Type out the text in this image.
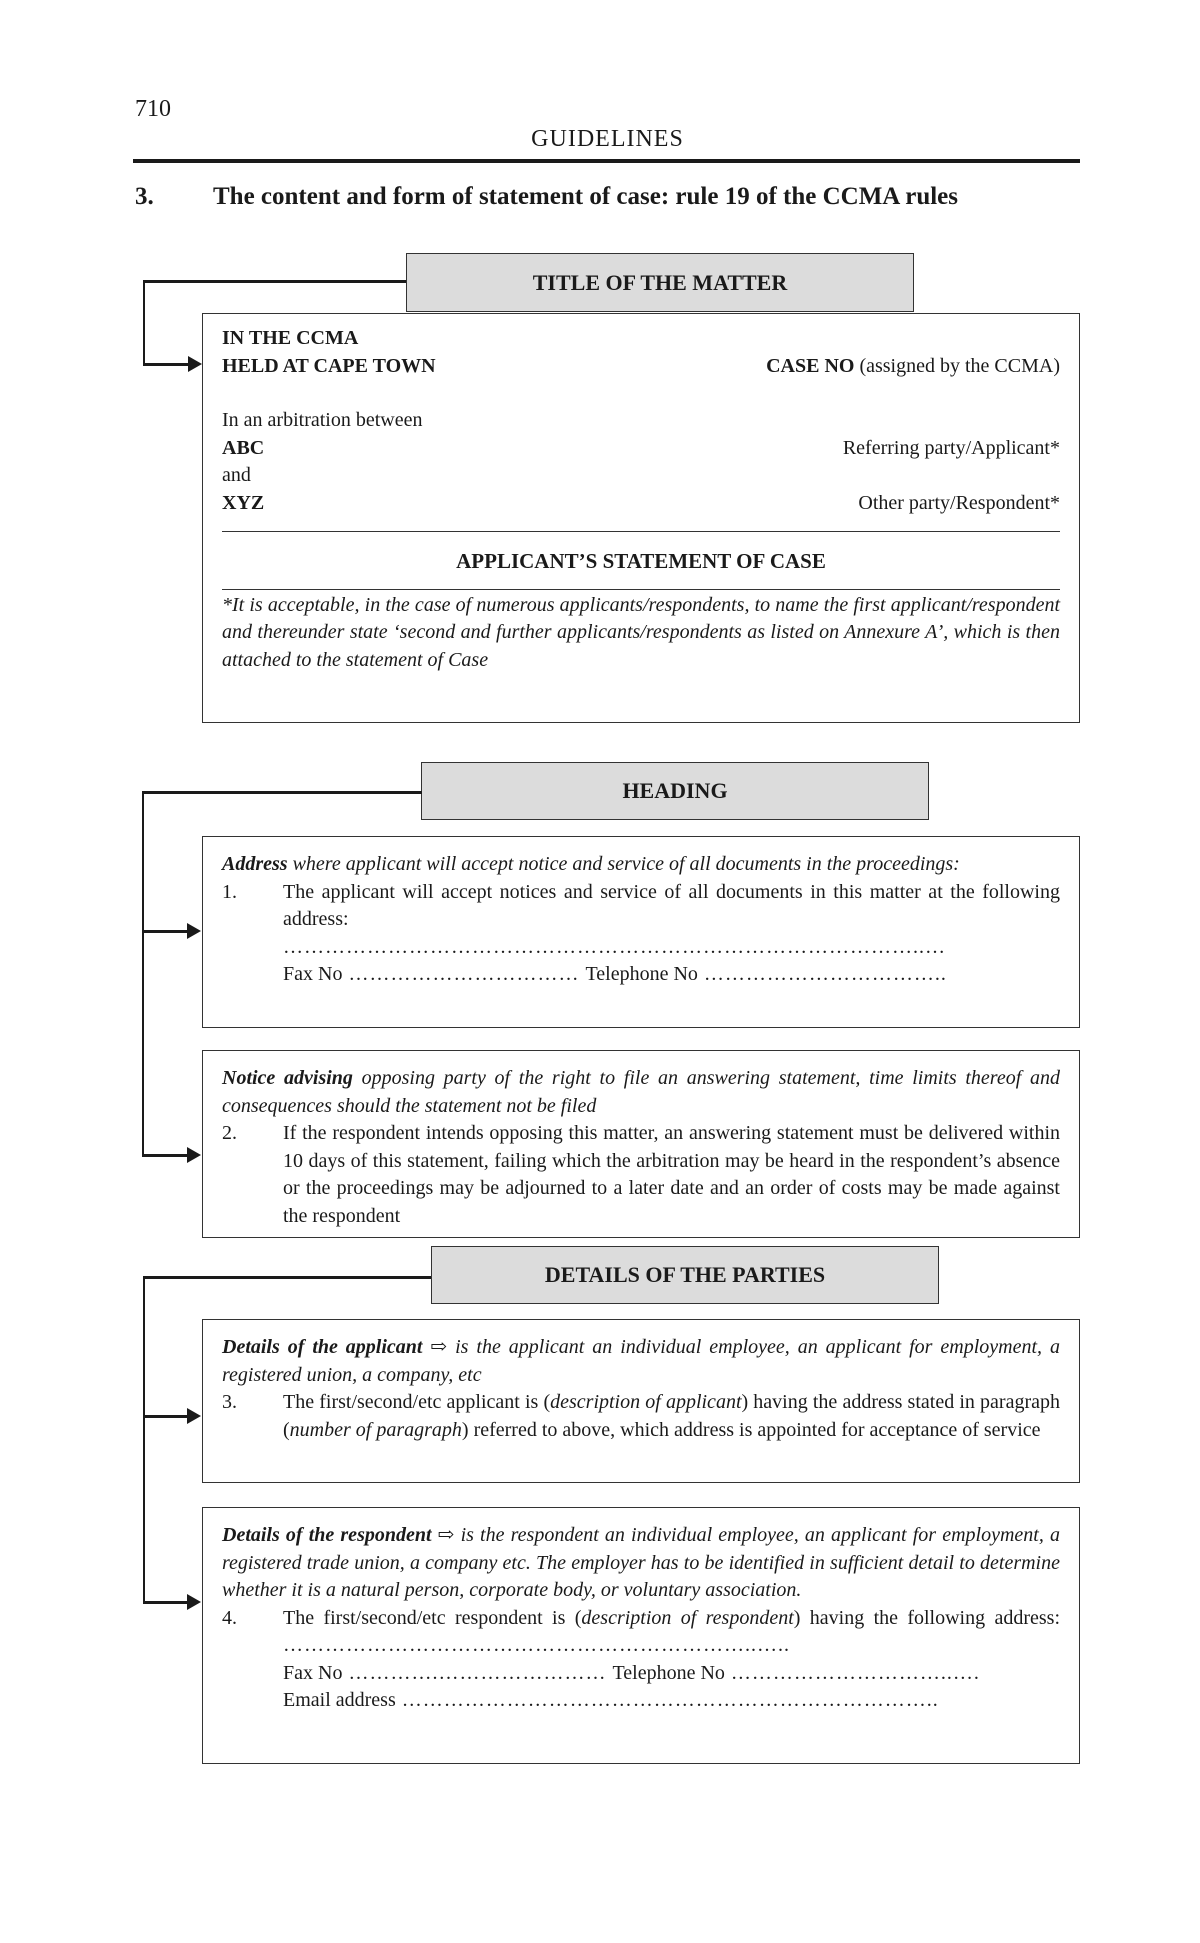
710
GUIDELINES
3. The content and form of statement of case: rule 19 of the CCMA rules
TITLE OF THE MATTER
IN THE CCMA
HELD AT CAPE TOWN	CASE NO (assigned by the CCMA)
In an arbitration between
ABC	Referring party/Applicant*
and
XYZ	Other party/Respondent*
APPLICANT’S STATEMENT OF CASE
*It is acceptable, in the case of numerous applicants/respondents, to name the first applicant/respondent and thereunder state ‘second and further applicants/respondents as listed on Annexure A’, which is then attached to the statement of Case
HEADING
Address where applicant will accept notice and service of all documents in the proceedings:
1.	The applicant will accept notices and service of all documents in this matter at the following address:
………………………………………………………………………………..…
Fax No …………………………… Telephone No ……………………………..
Notice advising opposing party of the right to file an answering statement, time limits thereof and consequences should the statement not be filed
2.	If the respondent intends opposing this matter, an answering statement must be delivered within 10 days of this statement, failing which the arbitration may be heard in the respondent’s absence or the proceedings may be adjourned to a later date and an order of costs may be made against the respondent
DETAILS OF THE PARTIES
Details of the applicant ⇨ is the applicant an individual employee, an applicant for employment, a registered union, a company, etc
3.	The first/second/etc applicant is (description of applicant) having the address stated in paragraph (number of paragraph) referred to above, which address is appointed for acceptance of service
Details of the respondent ⇨ is the respondent an individual employee, an applicant for employment, a registered trade union, a company etc. The employer has to be identified in sufficient detail to determine whether it is a natural person, corporate body, or voluntary association.
4.	The first/second/etc respondent is (description of respondent) having the following address: …………………………………………………………..…..
Fax No ………….…………………… Telephone No …………………………..….
Email address …………………………………………………………………..
